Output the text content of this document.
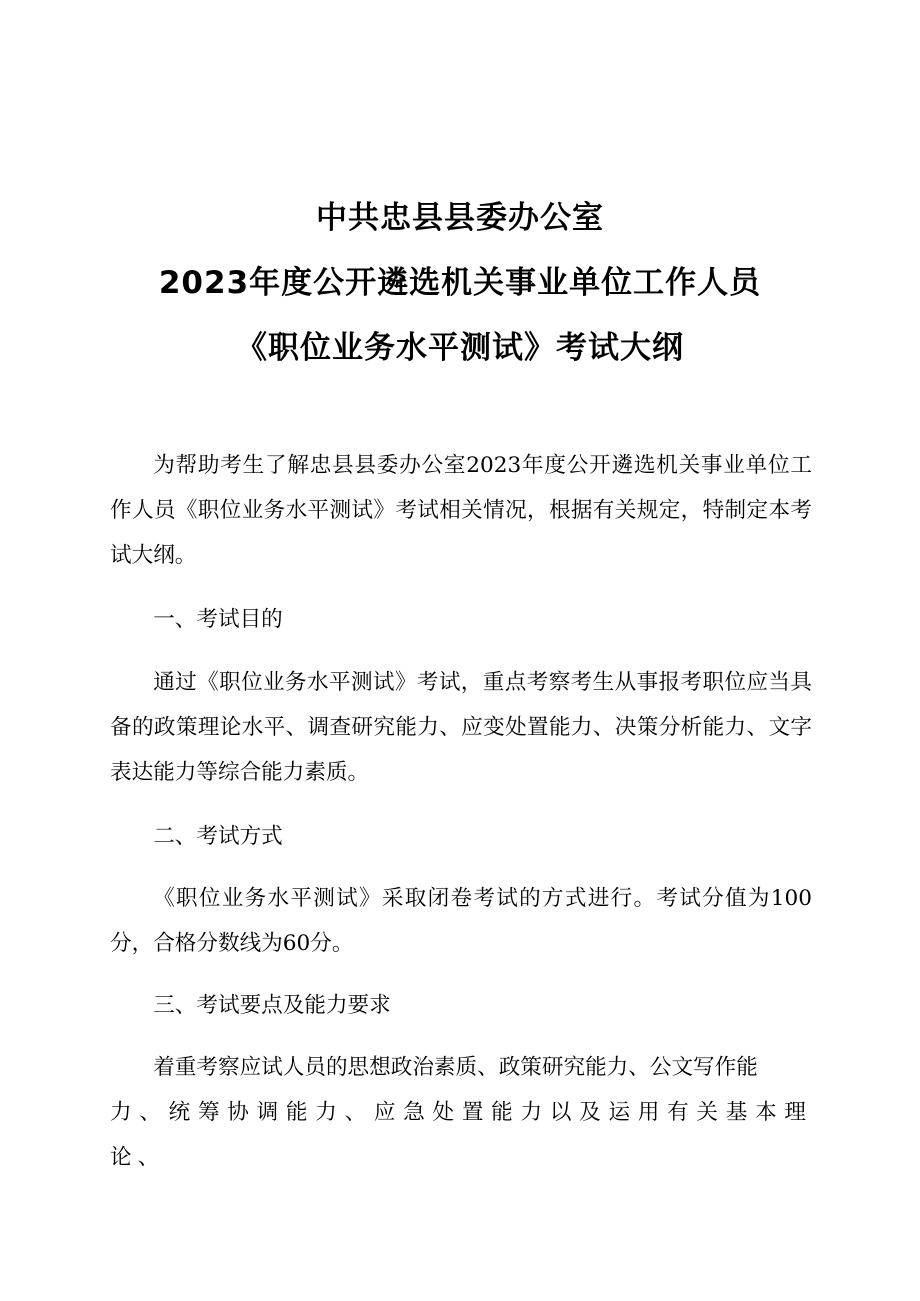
中共忠县县委办公室
2023年度公开遴选机关事业单位工作人员
《职位业务水平测试》考试大纲
为帮助考生了解忠县县委办公室2023年度公开遴选机关事业单位工作人员《职位业务水平测试》考试相关情况，根据有关规定，特制定本考试大纲。
一、考试目的
通过《职位业务水平测试》考试，重点考察考生从事报考职位应当具备的政策理论水平、调查研究能力、应变处置能力、决策分析能力、文字表达能力等综合能力素质。
二、考试方式
《职位业务水平测试》采取闭卷考试的方式进行。考试分值为100分，合格分数线为60分。
三、考试要点及能力要求
着重考察应试人员的思想政治素质、政策研究能力、公文写作能
力、统筹协调能力、应急处置能力以及运用有关基本理论、
